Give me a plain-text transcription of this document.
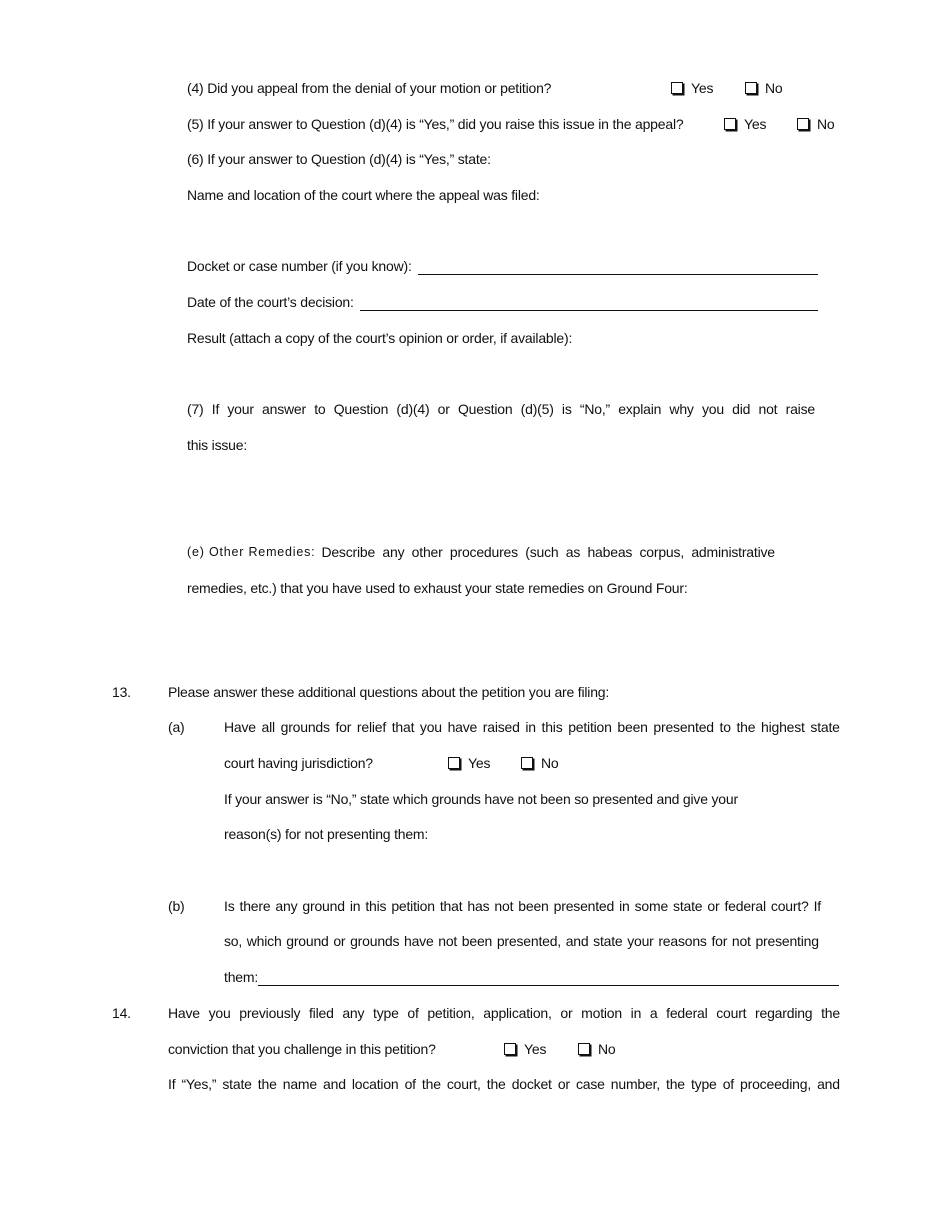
(4) Did you appeal from the denial of your motion or petition?	Yes	No
(5) If your answer to Question (d)(4) is “Yes,” did you raise this issue in the appeal?	Yes	No
(6) If your answer to Question (d)(4) is “Yes,” state:
Name and location of the court where the appeal was filed:
Docket or case number (if you know):
Date of the court’s decision:
Result (attach a copy of the court’s opinion or order, if available):
(7) If your answer to Question (d)(4) or Question (d)(5) is “No,” explain why you did not raise
this issue:
(e) Other Remedies: Describe any other procedures (such as habeas corpus, administrative
remedies, etc.) that you have used to exhaust your state remedies on Ground Four:
13.	Please answer these additional questions about the petition you are filing:
(a)	Have all grounds for relief that you have raised in this petition been presented to the highest state
court having jurisdiction?	Yes	No
If your answer is “No,” state which grounds have not been so presented and give your
reason(s) for not presenting them:
(b)	Is there any ground in this petition that has not been presented in some state or federal court? If
so, which ground or grounds have not been presented, and state your reasons for not presenting
them:
14.	Have you previously filed any type of petition, application, or motion in a federal court regarding the
conviction that you challenge in this petition?	Yes	No
If “Yes,” state the name and location of the court, the docket or case number, the type of proceeding, and
